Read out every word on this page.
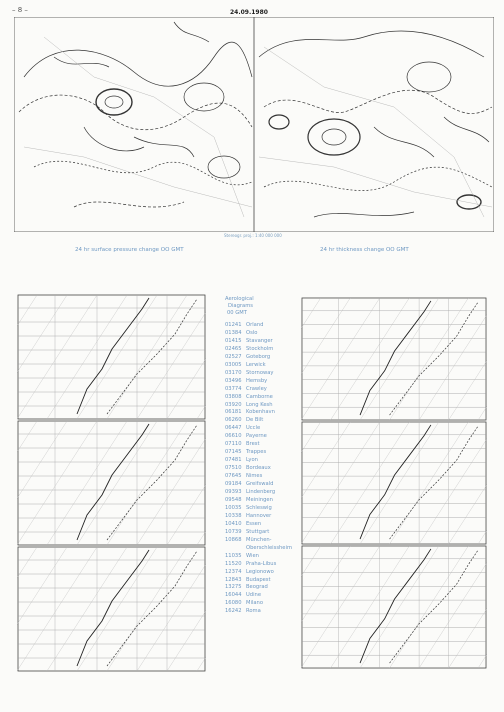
– 8 –	24.09.1980
Stereogr. proj.: 1:40 000 000
24 hr surface pressure change OO GMT	24 hr thickness change OO GMT
Aerological
Diagrams
00 GMT
01241 Orland
01384 Oslo
01415 Stavanger
02465 Stockholm
02527 Goteborg
03005 Lerwick
03170 Stornoway
03496 Hemsby
03774 Crawley
03808 Camborne
03920 Long Kesh
06181 Kobenhavn
06260 De Bilt
06447 Uccle
06610 Payerne
07110 Brest
07145 Trappes
07481 Lyon
07510 Bordeaux
07645 Nimes
09184 Greifswald
09393 Lindenberg
09548 Meiningen
10035 Schleswig
10338 Hannover
10410 Essen
10739 Stuttgart
10868 München-
Oberschleissheim
11035 Wien
11520 Praha-Libus
12374 Legionowo
12843 Budapest
13275 Beograd
16044 Udine
16080 Milano
16242 Roma
